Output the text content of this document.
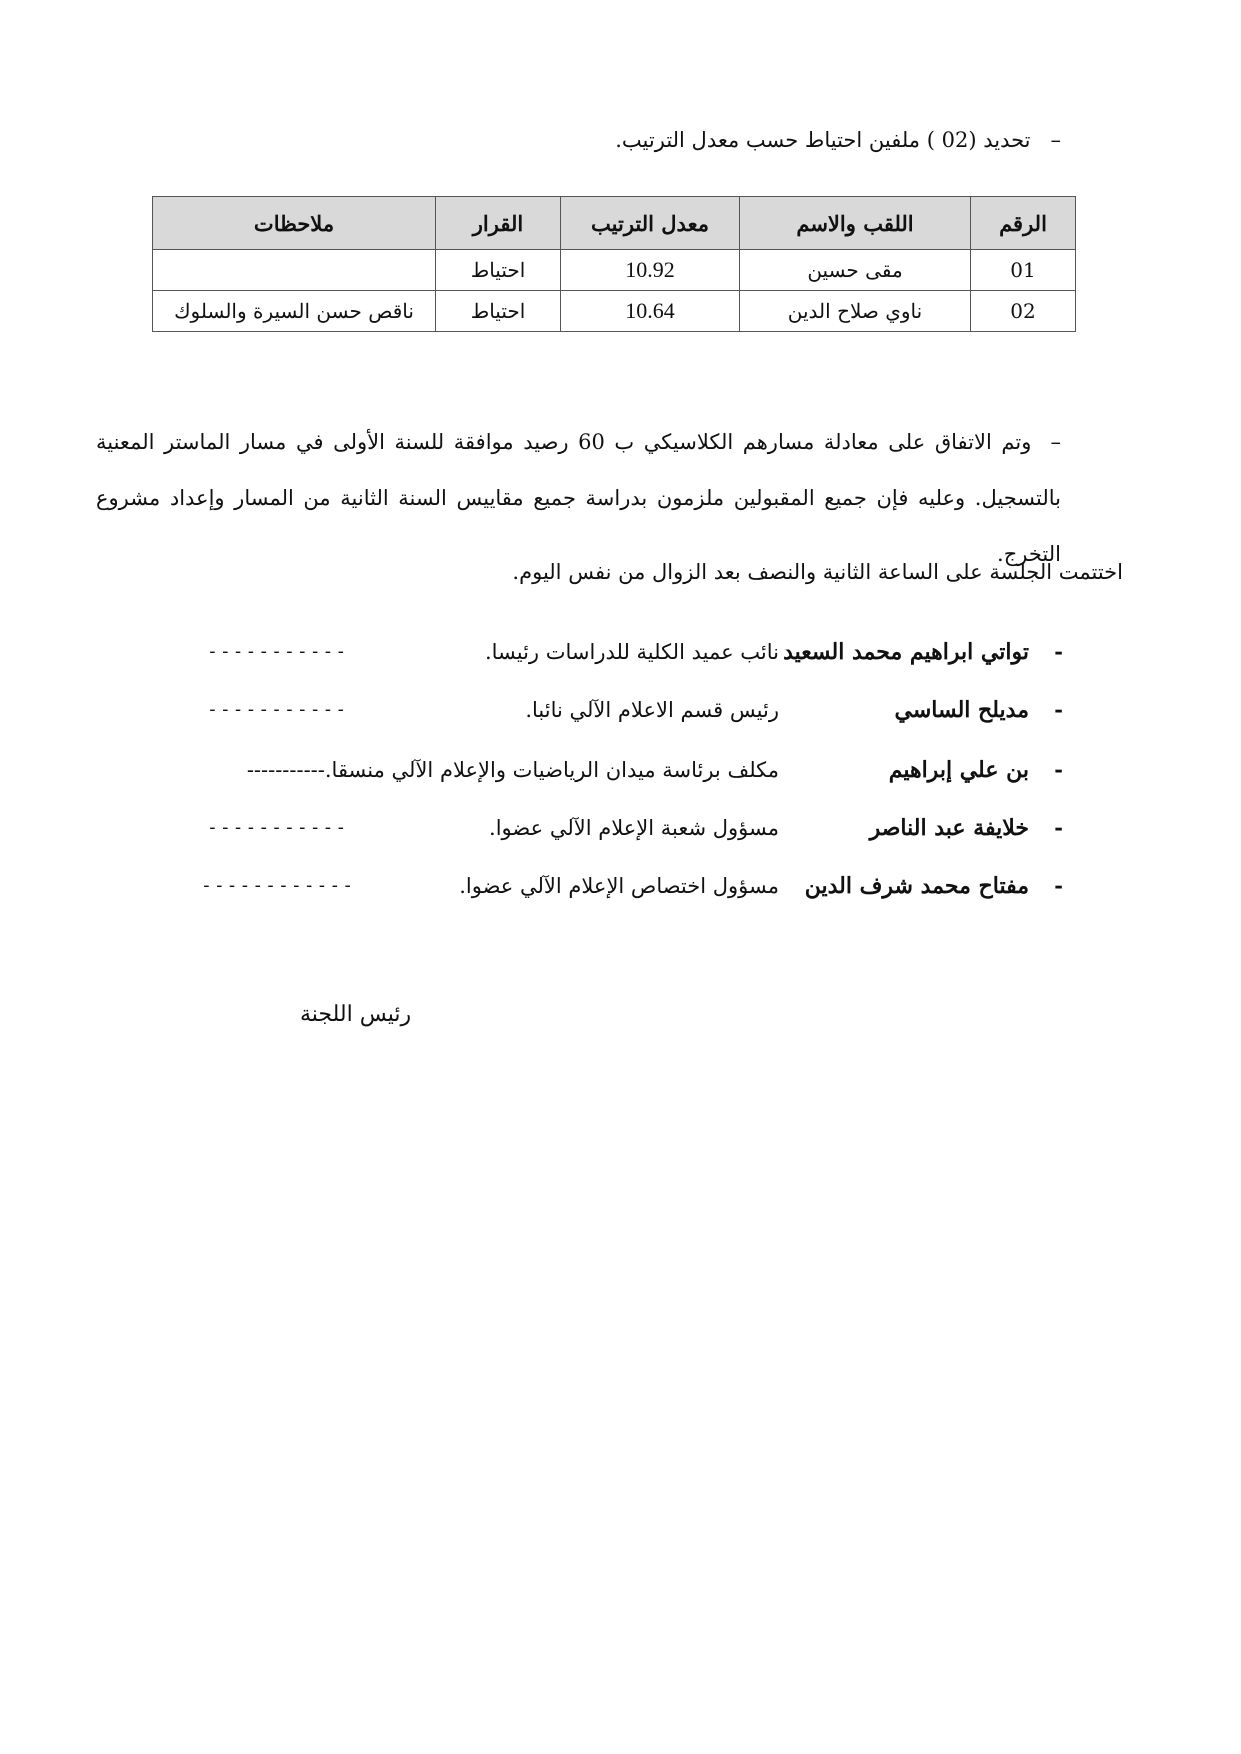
–تحديد (02 ) ملفين احتياط حسب معدل الترتيب.
الرقم	اللقب والاسم	معدل الترتيب	القرار	ملاحظات
01	مقى حسين	10.92	احتياط	
02	ناوي صلاح الدين	10.64	احتياط	ناقص حسن السيرة والسلوك
–  وتم الاتفاق على معادلة مسارهم الكلاسيكي ب 60 رصيد موافقة للسنة الأولى في مسار الماستر المعنية
بالتسجيل. وعليه فإن جميع المقبولين ملزمون بدراسة جميع مقاييس السنة الثانية من المسار وإعداد مشروع التخرج.
اختتمت الجلسة على الساعة الثانية والنصف بعد الزوال من نفس اليوم.
-
تواتي ابراهيم محمد السعيد
نائب عميد الكلية للدراسات رئيسا.
-----------
-
مديلح الساسي
رئيس قسم الاعلام الآلي نائبا.
-----------
-
بن علي إبراهيم
مكلف برئاسة ميدان الرياضيات والإعلام الآلي منسقا.-----------
-
خلايفة عبد الناصر
مسؤول شعبة الإعلام الآلي عضوا.
-----------
-
مفتاح محمد شرف الدين
مسؤول اختصاص الإعلام الآلي عضوا.
------------
رئيس اللجنة
